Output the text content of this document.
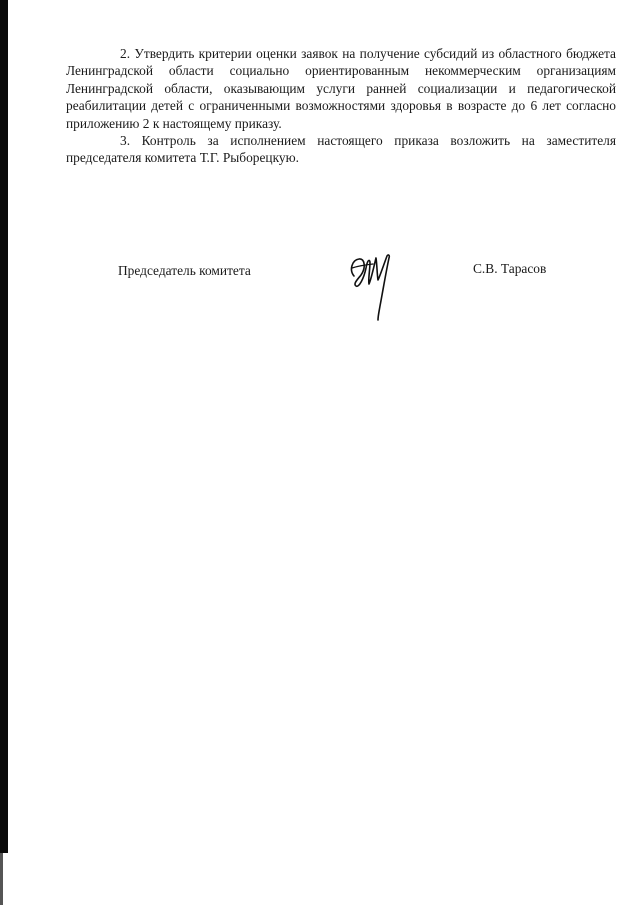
2. Утвердить критерии оценки заявок на получение субсидий из областного бюджета Ленинградской области социально ориентированным некоммерческим организациям Ленинградской области, оказывающим услуги ранней социализации и педагогической реабилитации детей с ограниченными возможностями здоровья в возрасте до 6 лет согласно приложению 2 к настоящему приказу.

3. Контроль за исполнением настоящего приказа возложить на заместителя председателя комитета Т.Г. Рыборецкую.

Председатель комитета	С.В. Тарасов
